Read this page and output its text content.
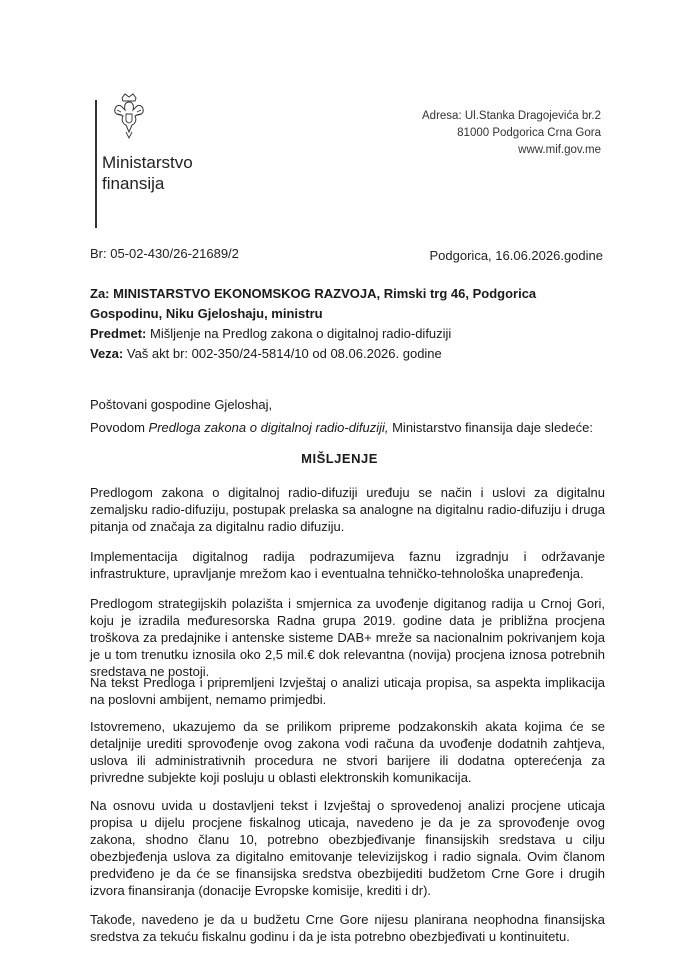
Ministarstvo
finansija
Adresa: Ul.Stanka Dragojevića br.2
81000 Podgorica Crna Gora
www.mif.gov.me
Br: 05-02-430/26-21689/2	Podgorica, 16.06.2026.godine
Za: MINISTARSTVO EKONOMSKOG RAZVOJA, Rimski trg 46, Podgorica
Gospodinu, Niku Gjeloshaju, ministru
Predmet: Mišljenje na Predlog zakona o digitalnoj radio-difuziji
Veza: Vaš akt br: 002-350/24-5814/10 od 08.06.2026. godine
Poštovani gospodine Gjeloshaj,
Povodom Predloga zakona o digitalnoj radio-difuziji, Ministarstvo finansija daje sledeće:
MIŠLJENJE
Predlogom zakona o digitalnoj radio-difuziji uređuju se način i uslovi za digitalnu zemaljsku radio-difuziju, postupak prelaska sa analogne na digitalnu radio-difuziju i druga pitanja od značaja za digitalnu radio difuziju.
Implementacija digitalnog radija podrazumijeva faznu izgradnju i održavanje infrastrukture, upravljanje mrežom kao i eventualna tehničko-tehnološka unapređenja.
Predlogom strategijskih polazišta i smjernica za uvođenje digitanog radija u Crnoj Gori, koju je izradila međuresorska Radna grupa 2019. godine data je približna procjena troškova za predajnike i antenske sisteme DAB+ mreže sa nacionalnim pokrivanjem koja je u tom trenutku iznosila oko 2,5 mil.€ dok relevantna (novija) procjena iznosa potrebnih sredstava ne postoji.
Na tekst Predloga i pripremljeni Izvještaj o analizi uticaja propisa, sa aspekta implikacija na poslovni ambijent, nemamo primjedbi.
Istovremeno, ukazujemo da se prilikom pripreme podzakonskih akata kojima će se detaljnije urediti sprovođenje ovog zakona vodi računa da uvođenje dodatnih zahtjeva, uslova ili administrativnih procedura ne stvori barijere ili dodatna opterećenja za privredne subjekte koji posluju u oblasti elektronskih komunikacija.
Na osnovu uvida u dostavljeni tekst i Izvještaj o sprovedenoj analizi procjene uticaja propisa u dijelu procjene fiskalnog uticaja, navedeno je da je za sprovođenje ovog zakona, shodno članu 10, potrebno obezbjeđivanje finansijskih sredstava u cilju obezbjeđenja uslova za digitalno emitovanje televizijskog i radio signala. Ovim članom predviđeno je da će se finansijska sredstva obezbijediti budžetom Crne Gore i drugih izvora finansiranja (donacije Evropske komisije, krediti i dr).
Takođe, navedeno je da u budžetu Crne Gore nijesu planirana neophodna finansijska sredstva za tekuću fiskalnu godinu i da je ista potrebno obezbjeđivati u kontinuitetu.
